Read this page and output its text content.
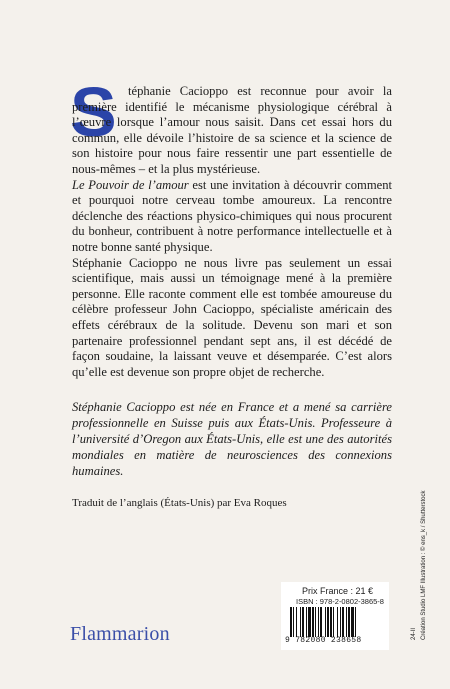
S téphanie Cacioppo est reconnue pour avoir la première identifié le mécanisme physiologique cérébral à l’œuvre lorsque l’amour nous saisit. Dans cet essai hors du commun, elle dévoile l’histoire de sa science et la science de son histoire pour nous faire ressentir une part essentielle de nous-mêmes – et la plus mystérieuse.

Le Pouvoir de l’amour est une invitation à découvrir comment et pourquoi notre cerveau tombe amoureux. La rencontre déclenche des réactions physico-chimiques qui nous procurent du bonheur, contribuent à notre performance intellectuelle et à notre bonne santé physique.

Stéphanie Cacioppo ne nous livre pas seulement un essai scientifique, mais aussi un témoignage mené à la première personne. Elle raconte comment elle est tombée amoureuse du célèbre professeur John Cacioppo, spécialiste américain des effets cérébraux de la solitude. Devenu son mari et son partenaire professionnel pendant sept ans, il est décédé de façon soudaine, la laissant veuve et désemparée. C’est alors qu’elle est devenue son propre objet de recherche.

Stéphanie Cacioppo est née en France et a mené sa carrière professionnelle en Suisse puis aux États-Unis. Professeure à l’université d’Oregon aux États-Unis, elle est une des autorités mondiales en matière de neurosciences des connexions humaines.
Traduit de l’anglais (États-Unis) par Eva Roques
Flammarion
Prix France : 21 €
ISBN : 978-2-0802-3865-8
9 782080 238658
24-II Création Studio LMF Illustration : © ens_k / Shutterstock
